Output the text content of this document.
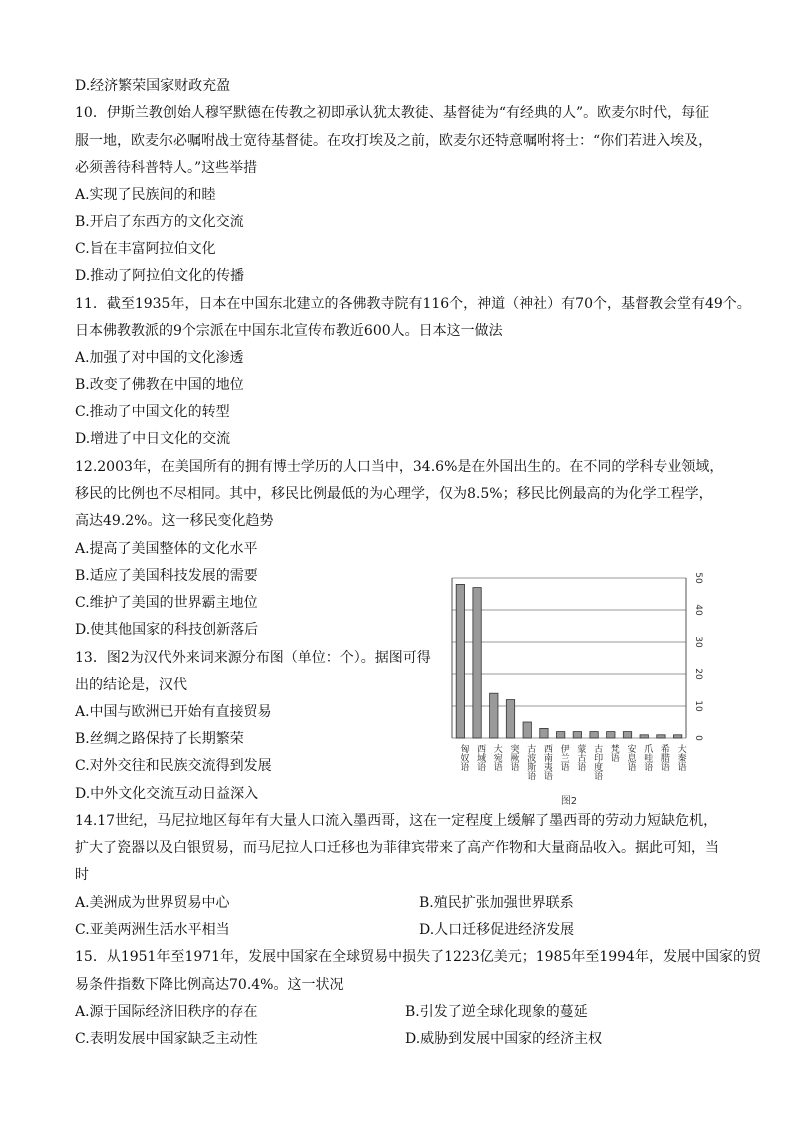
D.经济繁荣国家财政充盈
10．伊斯兰教创始人穆罕默德在传教之初即承认犹太教徒、基督徒为“有经典的人”。欧麦尔时代，每征
服一地，欧麦尔必嘱咐战士宽待基督徒。在攻打埃及之前，欧麦尔还特意嘱咐将士：“你们若进入埃及，
必须善待科普特人。”这些举措
A.实现了民族间的和睦
B.开启了东西方的文化交流
C.旨在丰富阿拉伯文化
D.推动了阿拉伯文化的传播
11．截至1935年，日本在中国东北建立的各佛教寺院有116个，神道（神社）有70个，基督教会堂有49个。
日本佛教教派的9个宗派在中国东北宣传布教近600人。日本这一做法
A.加强了对中国的文化渗透
B.改变了佛教在中国的地位
C.推动了中国文化的转型
D.增进了中日文化的交流
12.2003年，在美国所有的拥有博士学历的人口当中，34.6%是在外国出生的。在不同的学科专业领域，
移民的比例也不尽相同。其中，移民比例最低的为心理学，仅为8.5%；移民比例最高的为化学工程学，
高达49.2%。这一移民变化趋势
A.提高了美国整体的文化水平
B.适应了美国科技发展的需要
C.维护了美国的世界霸主地位
D.使其他国家的科技创新落后
13．图2为汉代外来词来源分布图（单位：个）。据图可得
出的结论是，汉代
A.中国与欧洲已开始有直接贸易
B.丝绸之路保持了长期繁荣
C.对外交往和民族交流得到发展
D.中外文化交流互动日益深入
0
10
20
30
40
50
匈奴语 西域语 大宛语 突厥语 古波斯语 西南夷语 伊兰语 蒙古语 古印度语 梵语 安息语 爪哇语 希腊语 大秦语
图2
14.17世纪，马尼拉地区每年有大量人口流入墨西哥，这在一定程度上缓解了墨西哥的劳动力短缺危机，
扩大了瓷器以及白银贸易，而马尼拉人口迁移也为菲律宾带来了高产作物和大量商品收入。据此可知，当
时
A.美洲成为世界贸易中心	B.殖民扩张加强世界联系
C.亚美两洲生活水平相当	D.人口迁移促进经济发展
15．从1951年至1971年，发展中国家在全球贸易中损失了1223亿美元；1985年至1994年，发展中国家的贸
易条件指数下降比例高达70.4%。这一状况
A.源于国际经济旧秩序的存在	B.引发了逆全球化现象的蔓延
C.表明发展中国家缺乏主动性	D.威胁到发展中国家的经济主权
